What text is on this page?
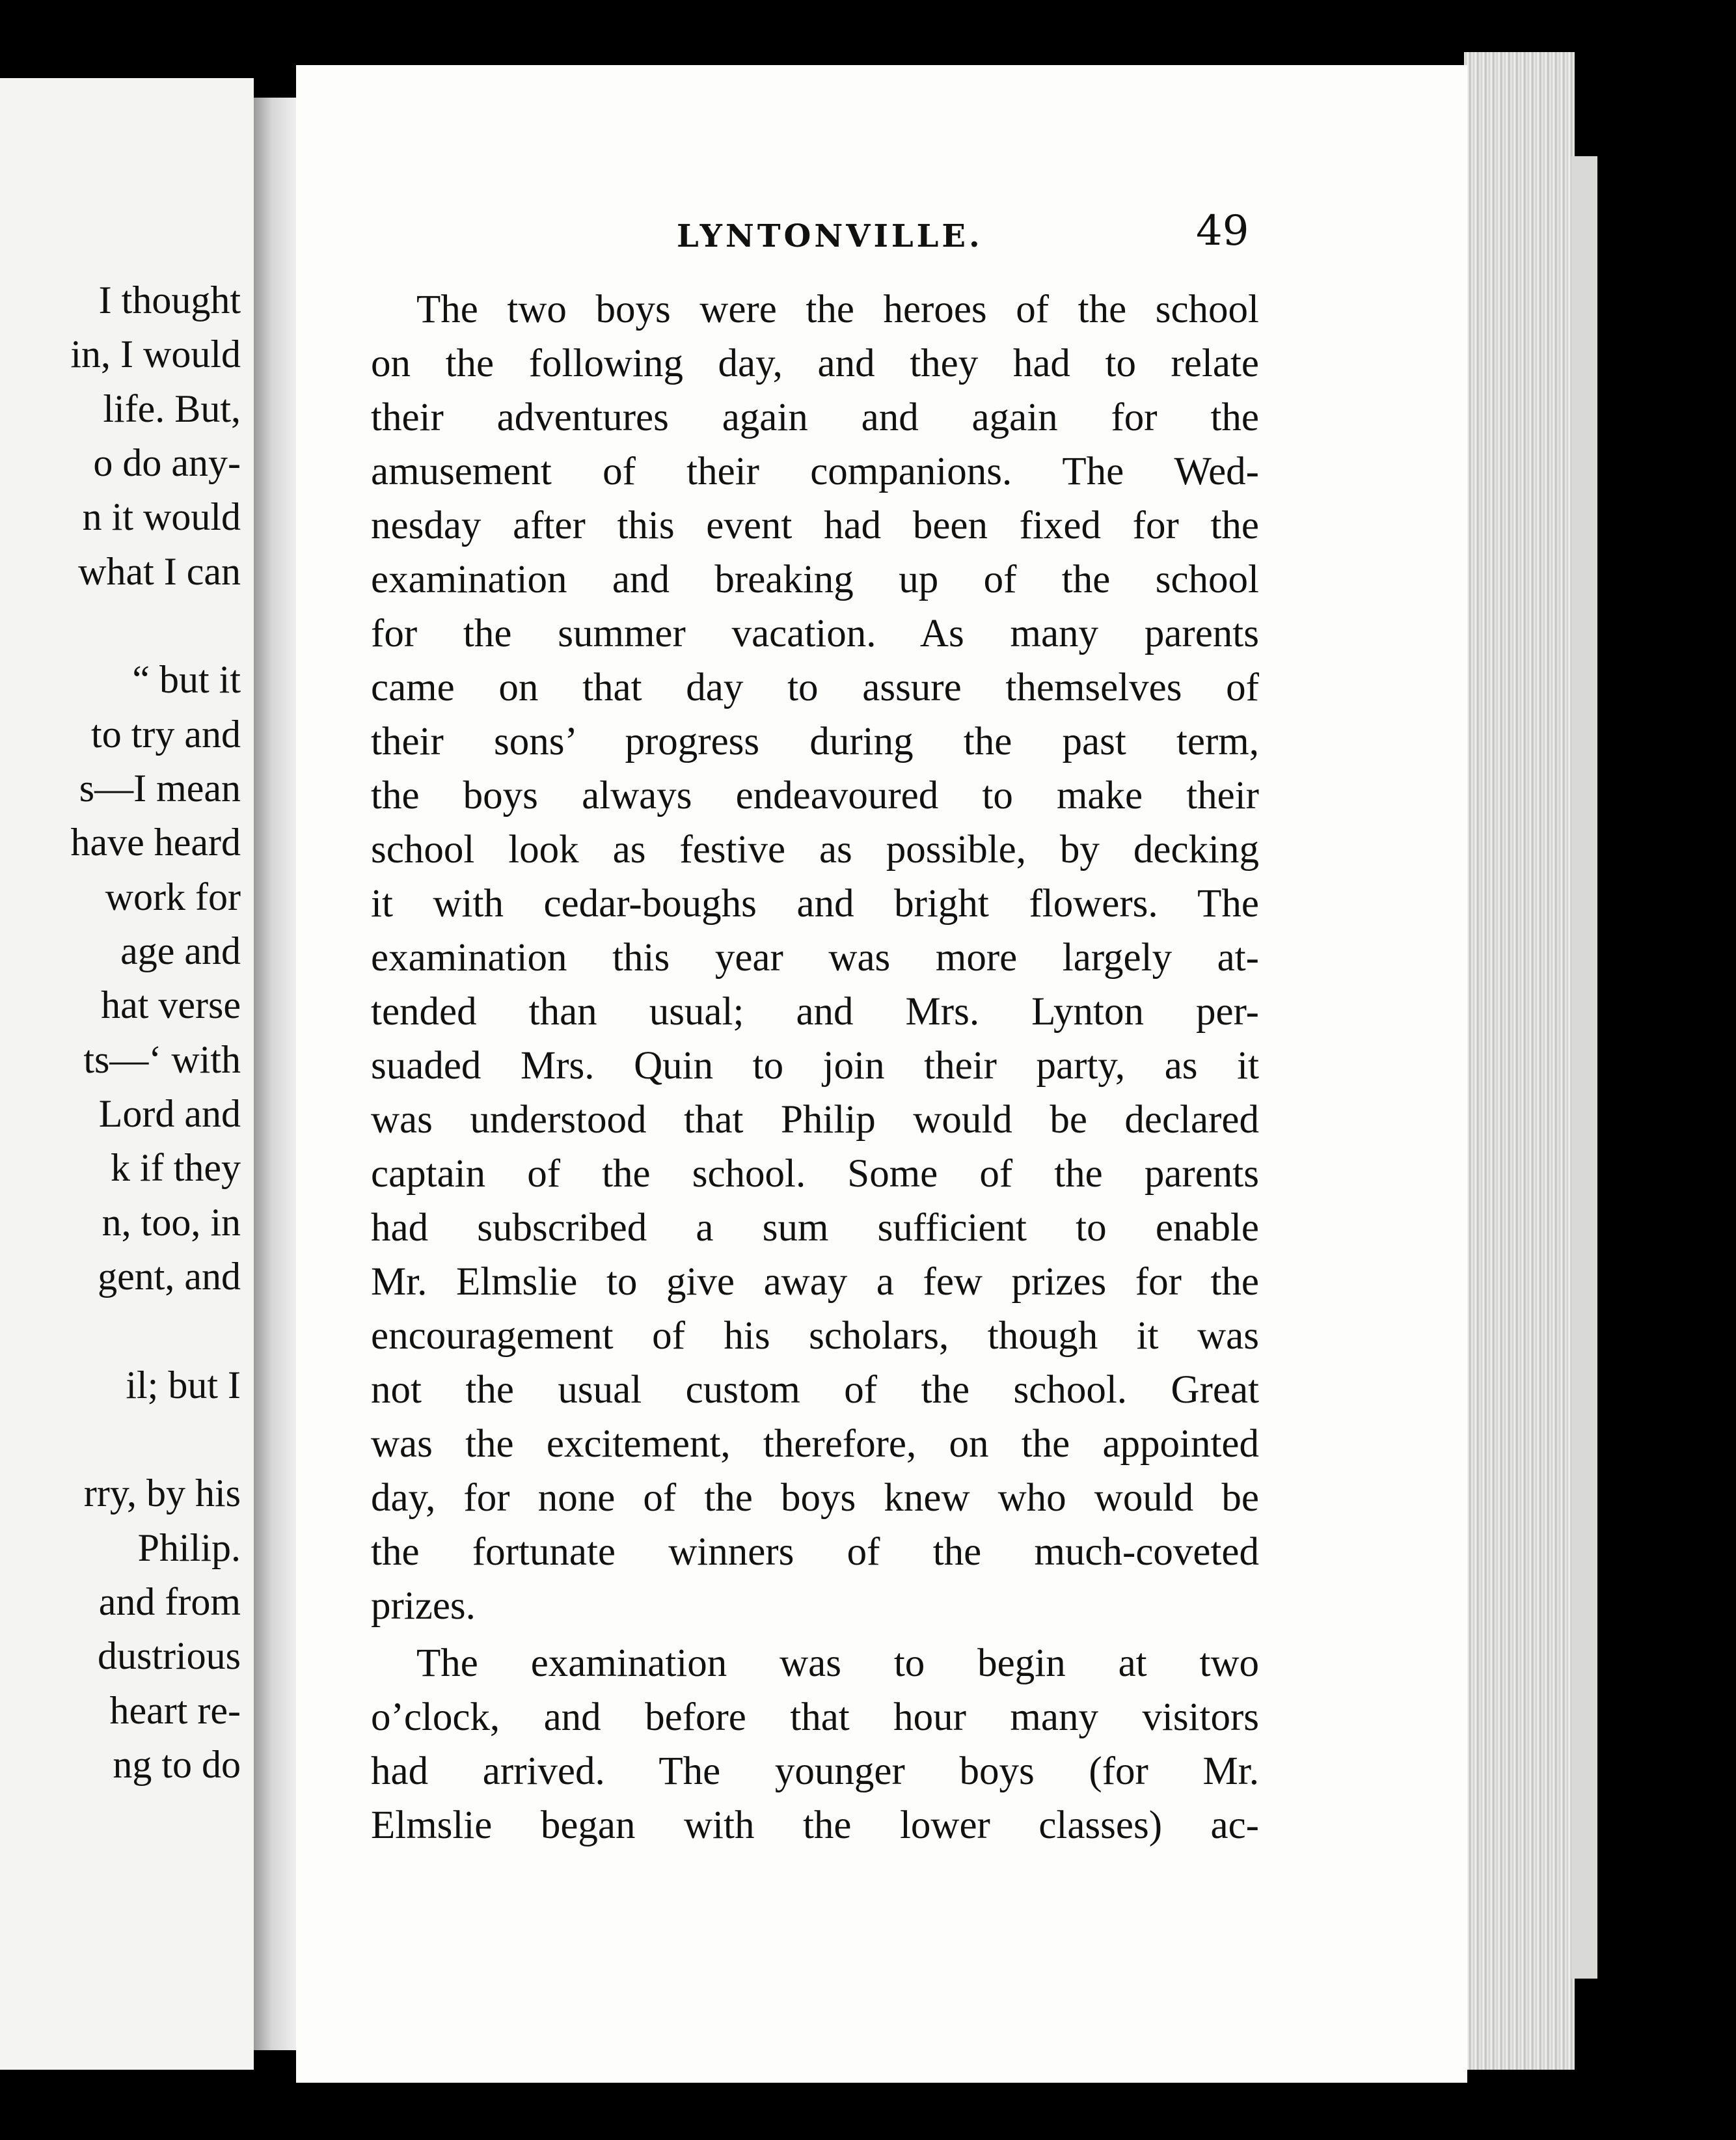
I thought
in, I would
life. But,
o do any-
n it would
what I can
“ but it
to try and
s—I mean
have heard
work for
age and
hat verse
ts—‘ with
Lord and
k if they
n, too, in
gent, and
il; but I
rry, by his
Philip.
and from
dustrious
heart re-
ng to do
LYNTONVILLE.	49
The two boys were the heroes of the school
on the following day, and they had to relate
their adventures again and again for the
amusement of their companions. The Wed-
nesday after this event had been fixed for the
examination and breaking up of the school
for the summer vacation. As many parents
came on that day to assure themselves of
their sons’ progress during the past term,
the boys always endeavoured to make their
school look as festive as possible, by decking
it with cedar-boughs and bright flowers. The
examination this year was more largely at-
tended than usual; and Mrs. Lynton per-
suaded Mrs. Quin to join their party, as it
was understood that Philip would be declared
captain of the school. Some of the parents
had subscribed a sum sufficient to enable
Mr. Elmslie to give away a few prizes for the
encouragement of his scholars, though it was
not the usual custom of the school. Great
was the excitement, therefore, on the appointed
day, for none of the boys knew who would be
the fortunate winners of the much-coveted
prizes.
The examination was to begin at two
o’clock, and before that hour many visitors
had arrived. The younger boys (for Mr.
Elmslie began with the lower classes) ac-
